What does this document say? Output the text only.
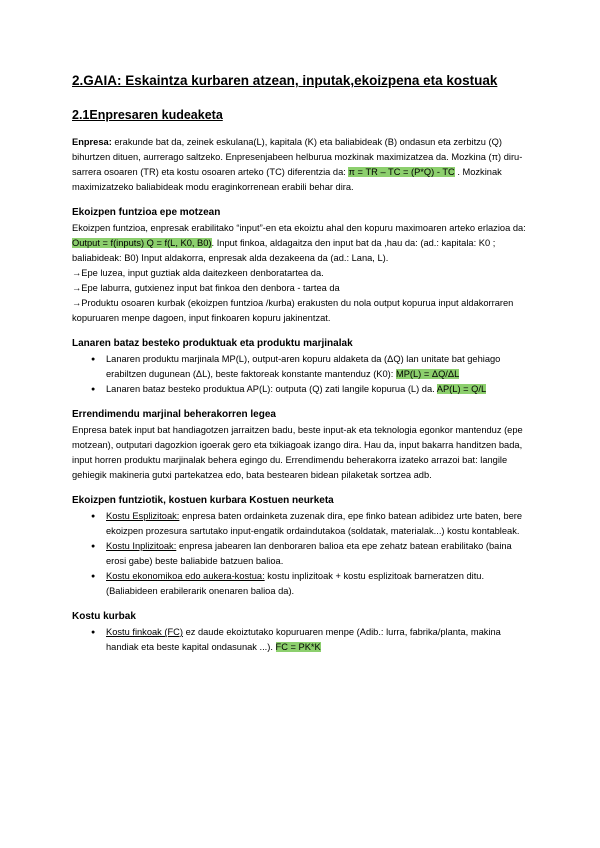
2.GAIA: Eskaintza kurbaren atzean, inputak,ekoizpena eta kostuak
2.1Enpresaren kudeaketa

Enpresa: erakunde bat da, zeinek eskulana(L), kapitala (K) eta baliabideak (B) ondasun eta zerbitzu (Q) bihurtzen dituen, aurrerago saltzeko. Enpresenjabeen helburua mozkinak maximizatzea da. Mozkina (π) diru-sarrera osoaren (TR) eta kostu osoaren arteko (TC) diferentzia da: π = TR – TC = (P*Q) - TC . Mozkinak maximizatzeko baliabideak modu eraginkorrenean erabili behar dira.

Ekoizpen funtzioa epe motzean

Ekoizpen funtzioa, enpresak erabilitako “input”-en eta ekoiztu ahal den kopuru maximoaren arteko erlazioa da: Output = f(inputs) Q = f(L, K0, B0). Input finkoa, aldagaitza den input bat da ,hau da: (ad.: kapitala: K0 ; baliabideak: B0) Input aldakorra, enpresak alda dezakeena da (ad.: Lana, L).

→Epe luzea, input guztiak alda daitezkeen denboratartea da.

→Epe laburra, gutxienez input bat finkoa den denbora - tartea da

→Produktu osoaren kurbak (ekoizpen funtzioa /kurba) erakusten du nola output kopurua input aldakorraren kopuruaren menpe dagoen, input finkoaren kopuru jakinentzat.

Lanaren bataz besteko produktuak eta produktu marjinalak
● Lanaren produktu marjinala MP(L), output-aren kopuru aldaketa da (ΔQ) lan unitate bat gehiago erabiltzen dugunean (ΔL), beste faktoreak konstante mantenduz (K0): MP(L) = ΔQ/ΔL
● Lanaren bataz besteko produktua AP(L): outputa (Q) zati langile kopurua (L) da. AP(L) = Q/L
Errendimendu marjinal beherakorren legea

Enpresa batek input bat handiagotzen jarraitzen badu, beste input-ak eta teknologia egonkor mantenduz (epe motzean), outputari dagozkion igoerak gero eta txikiagoak izango dira. Hau da, input bakarra handitzen bada, input horren produktu marjinalak behera egingo du. Errendimendu beherakorra izateko arrazoi bat: langile gehiegik makineria gutxi partekatzea edo, bata bestearen bidean pilaketak sortzea adb.

Ekoizpen funtziotik, kostuen kurbara Kostuen neurketa
● Kostu Esplizitoak: enpresa baten ordainketa zuzenak dira, epe finko batean adibidez urte baten, bere ekoizpen prozesura sartutako input-engatik ordaindutakoa (soldatak, materialak...) kostu kontableak.
● Kostu Inplizitoak: enpresa jabearen lan denboraren balioa eta epe zehatz batean erabilitako (baina erosi gabe) beste baliabide batzuen balioa.
● Kostu ekonomikoa edo aukera-kostua: kostu inplizitoak + kostu esplizitoak barneratzen ditu. (Baliabideen erabilerarik onenaren balioa da).
Kostu kurbak
● Kostu finkoak (FC) ez daude ekoiztutako kopuruaren menpe (Adib.: lurra, fabrika/planta, makina handiak eta beste kapital ondasunak ...). FC = PK*K
